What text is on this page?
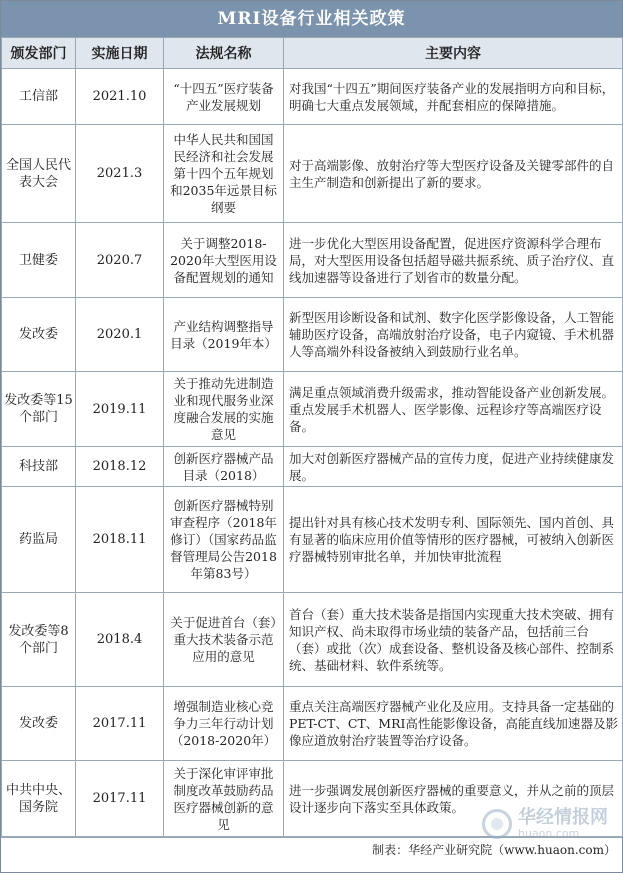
MRI设备行业相关政策
颁发部门	实施日期	法规名称	主要内容
工信部	2021.10	“十四五”医疗装备产业发展规划	对我国“十四五”期间医疗装备产业的发展指明方向和目标，明确七大重点发展领域，并配套相应的保障措施。
全国人民代表大会	2021.3	中华人民共和国国民经济和社会发展第十四个五年规划和2035年远景目标纲要	对于高端影像、放射治疗等大型医疗设备及关键零部件的自主生产制造和创新提出了新的要求。
卫健委	2020.7	关于调整2018-2020年大型医用设备配置规划的通知	进一步优化大型医用设备配置，促进医疗资源科学合理布局，对大型医用设备包括超导磁共振系统、质子治疗仪、直线加速器等设备进行了划省市的数量分配。
发改委	2020.1	产业结构调整指导目录（2019年本）	新型医用诊断设备和试剂、数字化医学影像设备，人工智能辅助医疗设备，高端放射治疗设备，电子内窥镜、手术机器人等高端外科设备被纳入到鼓励行业名单。
发改委等15个部门	2019.11	关于推动先进制造业和现代服务业深度融合发展的实施意见	满足重点领域消费升级需求，推动智能设备产业创新发展。重点发展手术机器人、医学影像、远程诊疗等高端医疗设备。
科技部	2018.12	创新医疗器械产品目录（2018）	加大对创新医疗器械产品的宣传力度，促进产业持续健康发展。
药监局	2018.11	创新医疗器械特别审查程序（2018年修订）（国家药品监督管理局公告2018年第83号）	提出针对具有核心技术发明专利、国际领先、国内首创、具有显著的临床应用价值等情形的医疗器械，可被纳入创新医疗器械特别审批名单，并加快审批流程
发改委等8个部门	2018.4	关于促进首台（套）重大技术装备示范应用的意见	首台（套）重大技术装备是指国内实现重大技术突破、拥有知识产权、尚未取得市场业绩的装备产品，包括前三台（套）或批（次）成套设备、整机设备及核心部件、控制系统、基础材料、软件系统等。
发改委	2017.11	增强制造业核心竞争力三年行动计划（2018-2020年）	重点关注高端医疗器械产业化及应用。支持具备一定基础的PET-CT、CT、MRI高性能影像设备，高能直线加速器及影像应道放射治疗装置等治疗设备。
中共中央、国务院	2017.11	关于深化审评审批制度改革鼓励药品医疗器械创新的意见	进一步强调发展创新医疗器械的重要意义，并从之前的顶层设计逐步向下落实至具体政策。
制表：华经产业研究院（www.huaon.com）
华经情报网
huaon.com
